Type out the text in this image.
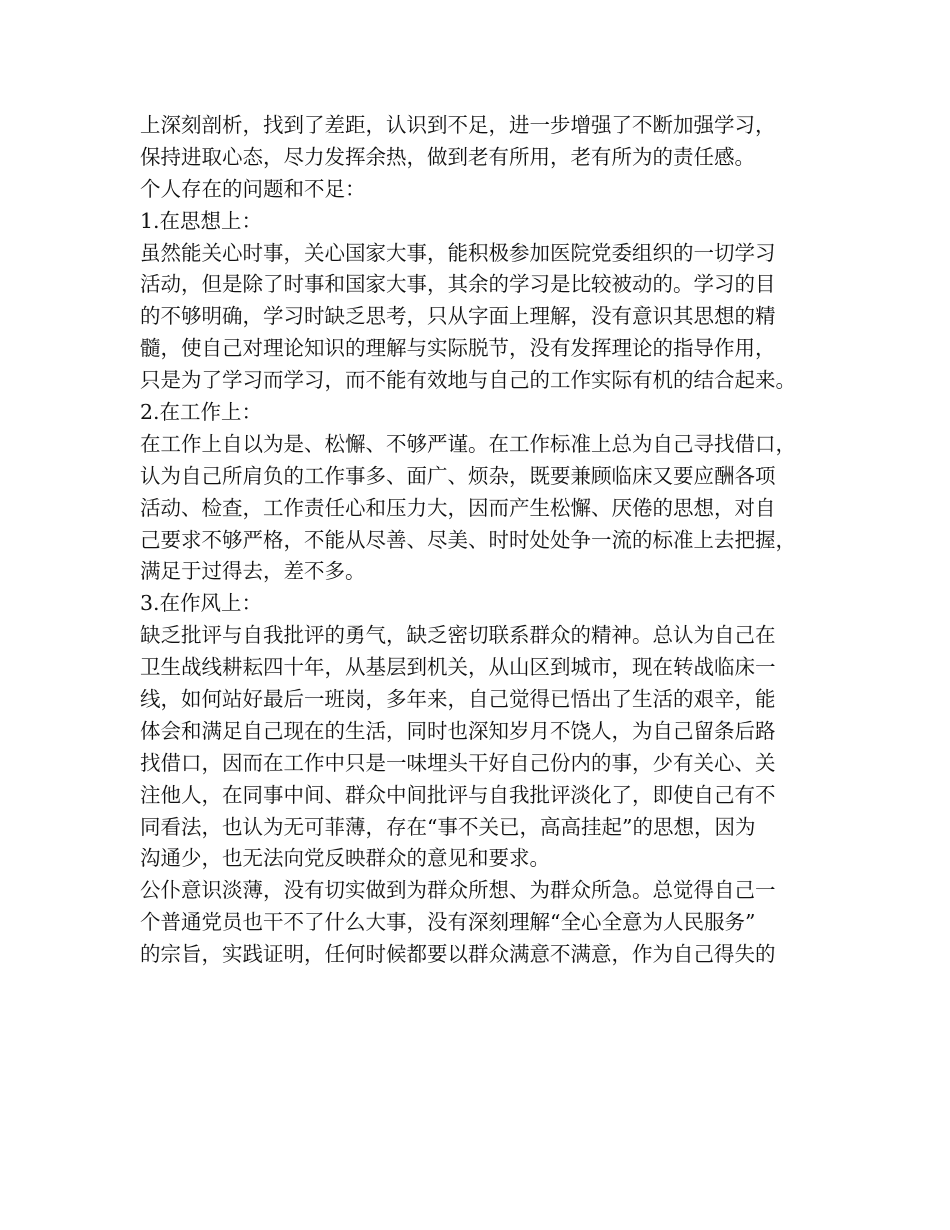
上深刻剖析，找到了差距，认识到不足，进一步增强了不断加强学习，
保持进取心态，尽力发挥余热，做到老有所用，老有所为的责任感。
个人存在的问题和不足：
1.在思想上：
虽然能关心时事，关心国家大事，能积极参加医院党委组织的一切学习
活动，但是除了时事和国家大事，其余的学习是比较被动的。学习的目
的不够明确，学习时缺乏思考，只从字面上理解，没有意识其思想的精
髓，使自己对理论知识的理解与实际脱节，没有发挥理论的指导作用，
只是为了学习而学习，而不能有效地与自己的工作实际有机的结合起来。
2.在工作上：
在工作上自以为是、松懈、不够严谨。在工作标准上总为自己寻找借口，
认为自己所肩负的工作事多、面广、烦杂，既要兼顾临床又要应酬各项
活动、检查，工作责任心和压力大，因而产生松懈、厌倦的思想，对自
己要求不够严格，不能从尽善、尽美、时时处处争一流的标准上去把握，
满足于过得去，差不多。
3.在作风上：
缺乏批评与自我批评的勇气，缺乏密切联系群众的精神。总认为自己在
卫生战线耕耘四十年，从基层到机关，从山区到城市，现在转战临床一
线，如何站好最后一班岗，多年来，自己觉得已悟出了生活的艰辛，能
体会和满足自己现在的生活，同时也深知岁月不饶人，为自己留条后路
找借口，因而在工作中只是一味埋头干好自己份内的事，少有关心、关
注他人，在同事中间、群众中间批评与自我批评淡化了，即使自己有不
同看法，也认为无可菲薄，存在“事不关已，高高挂起”的思想，因为
沟通少，也无法向党反映群众的意见和要求。
公仆意识淡薄，没有切实做到为群众所想、为群众所急。总觉得自己一
个普通党员也干不了什么大事，没有深刻理解“全心全意为人民服务”
的宗旨，实践证明，任何时候都要以群众满意不满意，作为自己得失的
